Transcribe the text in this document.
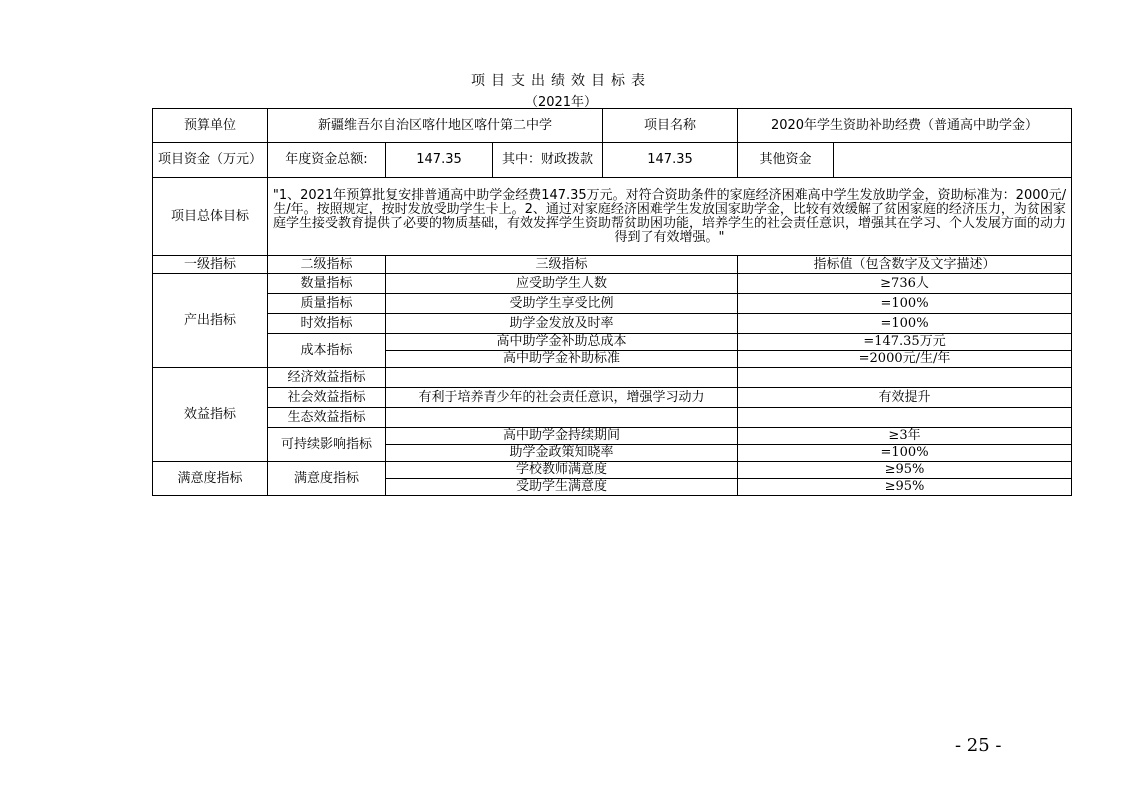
项目支出绩效目标表
（2021年）
预算单位	新疆维吾尔自治区喀什地区喀什第二中学			项目名称	2020年学生资助补助经费（普通高中助学金）	
项目资金（万元）	年度资金总额:	147.35	其中：财政拨款	147.35	其他资金	
项目总体目标	"1、2021年预算批复安排普通高中助学金经费147.35万元。对符合资助条件的家庭经济困难高中学生发放助学金，资助标准为：2000元/生/年。按照规定，按时发放受助学生卡上。2、通过对家庭经济困难学生发放国家助学金，比较有效缓解了贫困家庭的经济压力，为贫困家庭学生接受教育提供了必要的物质基础，有效发挥学生资助帮贫助困功能，培养学生的社会责任意识，增强其在学习、个人发展方面的动力得到了有效增强。"					
一级指标	二级指标	三级指标			指标值（包含数字及文字描述）	
产出指标	数量指标	应受助学生人数			≥736人	
	质量指标	受助学生享受比例			=100%	
	时效指标	助学金发放及时率			=100%	
	成本指标	高中助学金补助总成本			=147.35万元	
		高中助学金补助标准			=2000元/生/年	
效益指标	经济效益指标					
	社会效益指标	有利于培养青少年的社会责任意识，增强学习动力			有效提升	
	生态效益指标					
	可持续影响指标	高中助学金持续期间			≥3年	
		助学金政策知晓率			=100%	
满意度指标	满意度指标	学校教师满意度			≥95%	
		受助学生满意度			≥95%	
- 25 -
